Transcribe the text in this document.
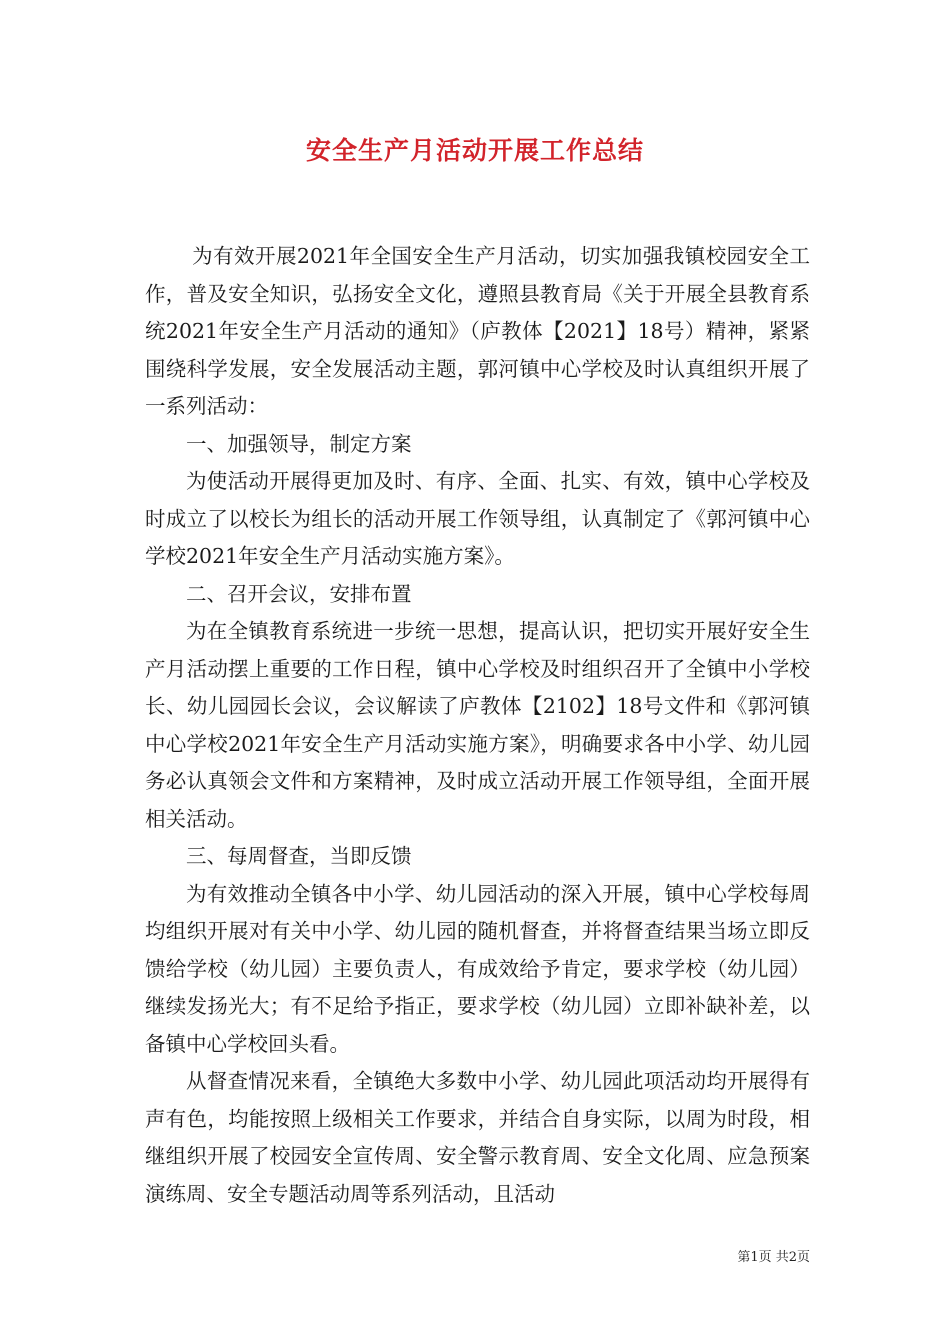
安全生产月活动开展工作总结

为有效开展2021年全国安全生产月活动，切实加强我镇校园安全工作，普及安全知识，弘扬安全文化，遵照县教育局《关于开展全县教育系统2021年安全生产月活动的通知》（庐教体【2021】18号）精神，紧紧围绕科学发展，安全发展活动主题，郭河镇中心学校及时认真组织开展了一系列活动：

一、加强领导，制定方案

为使活动开展得更加及时、有序、全面、扎实、有效，镇中心学校及时成立了以校长为组长的活动开展工作领导组，认真制定了《郭河镇中心学校2021年安全生产月活动实施方案》。

二、召开会议，安排布置

为在全镇教育系统进一步统一思想，提高认识，把切实开展好安全生产月活动摆上重要的工作日程，镇中心学校及时组织召开了全镇中小学校长、幼儿园园长会议，会议解读了庐教体【2102】18号文件和《郭河镇中心学校2021年安全生产月活动实施方案》，明确要求各中小学、幼儿园务必认真领会文件和方案精神，及时成立活动开展工作领导组，全面开展相关活动。

三、每周督查，当即反馈

为有效推动全镇各中小学、幼儿园活动的深入开展，镇中心学校每周均组织开展对有关中小学、幼儿园的随机督查，并将督查结果当场立即反馈给学校（幼儿园）主要负责人，有成效给予肯定，要求学校（幼儿园）继续发扬光大；有不足给予指正，要求学校（幼儿园）立即补缺补差，以备镇中心学校回头看。

从督查情况来看，全镇绝大多数中小学、幼儿园此项活动均开展得有声有色，均能按照上级相关工作要求，并结合自身实际，以周为时段，相继组织开展了校园安全宣传周、安全警示教育周、安全文化周、应急预案演练周、安全专题活动周等系列活动，且活动

第1页 共2页
